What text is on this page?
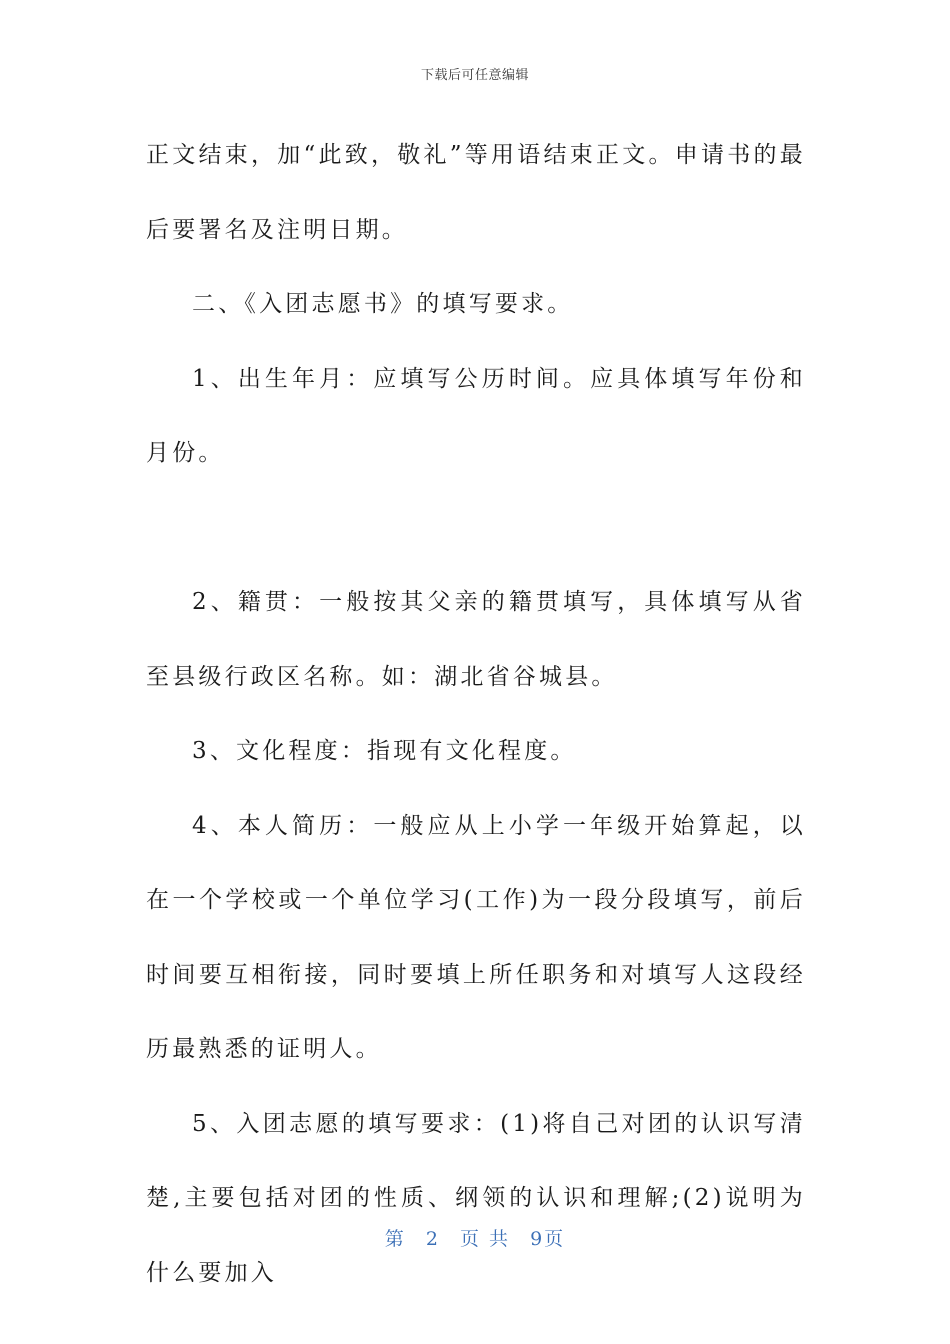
下载后可任意编辑

正文结束，加“此致，敬礼”等用语结束正文。申请书的最后要署名及注明日期。

二、《入团志愿书》的填写要求。

1、出生年月：应填写公历时间。应具体填写年份和月份。

2、籍贯：一般按其父亲的籍贯填写，具体填写从省至县级行政区名称。如：湖北省谷城县。

3、文化程度：指现有文化程度。

4、本人简历：一般应从上小学一年级开始算起，以在一个学校或一个单位学习(工作)为一段分段填写，前后时间要互相衔接，同时要填上所任职务和对填写人这段经历最熟悉的证明人。

5、入团志愿的填写要求：(1)将自己对团的认识写清楚,主要包括对团的性质、纲领的认识和理解;(2)说明为什么要加入

第 2 页 共 9页
